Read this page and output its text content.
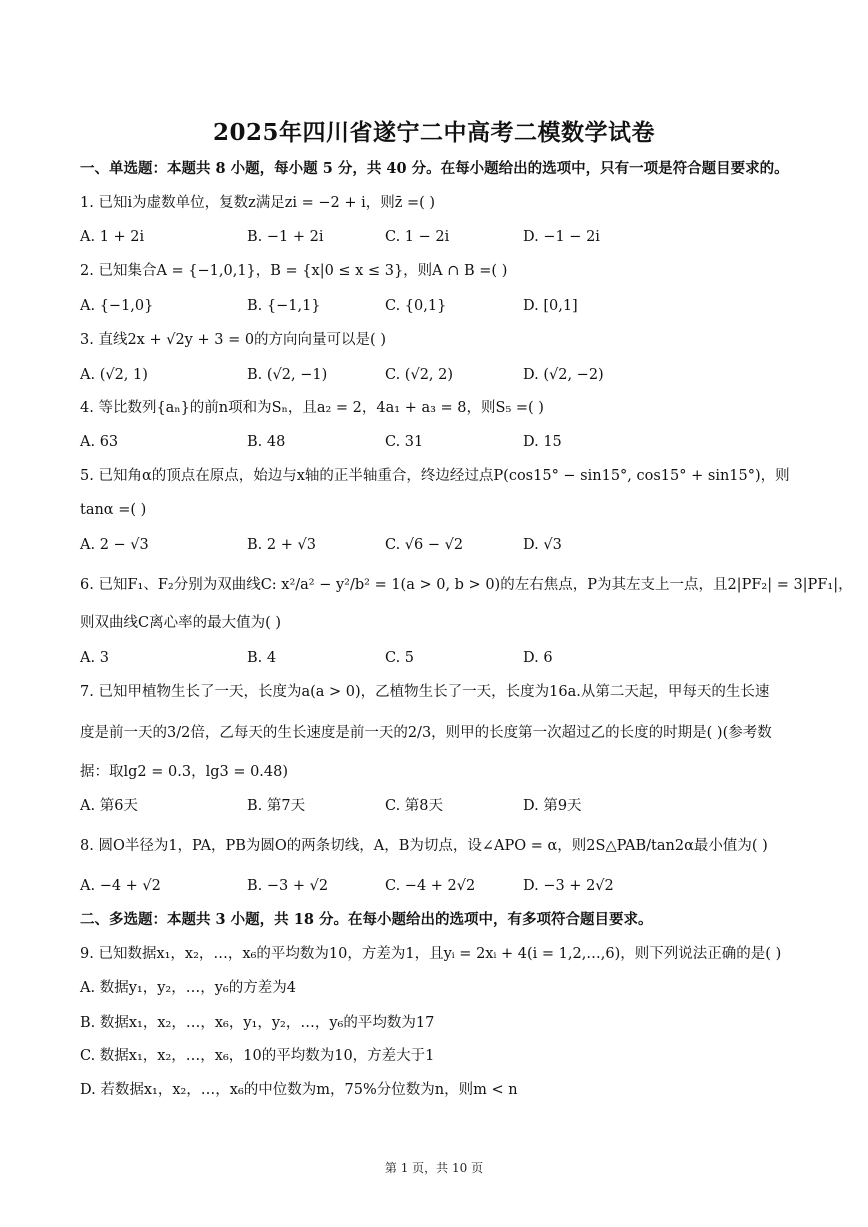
2025年四川省遂宁二中高考二模数学试卷
一、单选题：本题共 8 小题，每小题 5 分，共 40 分。在每小题给出的选项中，只有一项是符合题目要求的。
1. 已知i为虚数单位，复数z满足zi = −2 + i，则z̄ =( )
A. 1 + 2i	B. −1 + 2i	C. 1 − 2i	D. −1 − 2i
2. 已知集合A = {−1,0,1}，B = {x|0 ≤ x ≤ 3}，则A ∩ B =( )
A. {−1,0}	B. {−1,1}	C. {0,1}	D. [0,1]
3. 直线2x + √2y + 3 = 0的方向向量可以是( )
A. (√2, 1)	B. (√2, −1)	C. (√2, 2)	D. (√2, −2)
4. 等比数列{aₙ}的前n项和为Sₙ，且a₂ = 2，4a₁ + a₃ = 8，则S₅ =( )
A. 63	B. 48	C. 31	D. 15
5. 已知角α的顶点在原点，始边与x轴的正半轴重合，终边经过点P(cos15° − sin15°, cos15° + sin15°)，则
tanα =( )
A. 2 − √3	B. 2 + √3	C. √6 − √2	D. √3
6. 已知F₁、F₂分别为双曲线C: x²/a² − y²/b² = 1(a > 0, b > 0)的左右焦点，P为其左支上一点，且2|PF₂| = 3|PF₁|，
则双曲线C离心率的最大值为( )
A. 3	B. 4	C. 5	D. 6
7. 已知甲植物生长了一天，长度为a(a > 0)，乙植物生长了一天，长度为16a.从第二天起，甲每天的生长速
度是前一天的3/2倍，乙每天的生长速度是前一天的2/3，则甲的长度第一次超过乙的长度的时期是( )(参考数
据：取lg2 = 0.3，lg3 = 0.48)
A. 第6天	B. 第7天	C. 第8天	D. 第9天
8. 圆O半径为1，PA，PB为圆O的两条切线，A，B为切点，设∠APO = α，则2S△PAB/tan2α最小值为( )
A. −4 + √2	B. −3 + √2	C. −4 + 2√2	D. −3 + 2√2
二、多选题：本题共 3 小题，共 18 分。在每小题给出的选项中，有多项符合题目要求。
9. 已知数据x₁，x₂，…，x₆的平均数为10，方差为1，且yᵢ = 2xᵢ + 4(i = 1,2,…,6)，则下列说法正确的是( )
A. 数据y₁，y₂，…，y₆的方差为4
B. 数据x₁，x₂，…，x₆，y₁，y₂，…，y₆的平均数为17
C. 数据x₁，x₂，…，x₆，10的平均数为10，方差大于1
D. 若数据x₁，x₂，…，x₆的中位数为m，75%分位数为n，则m < n
第 1 页，共 10 页
